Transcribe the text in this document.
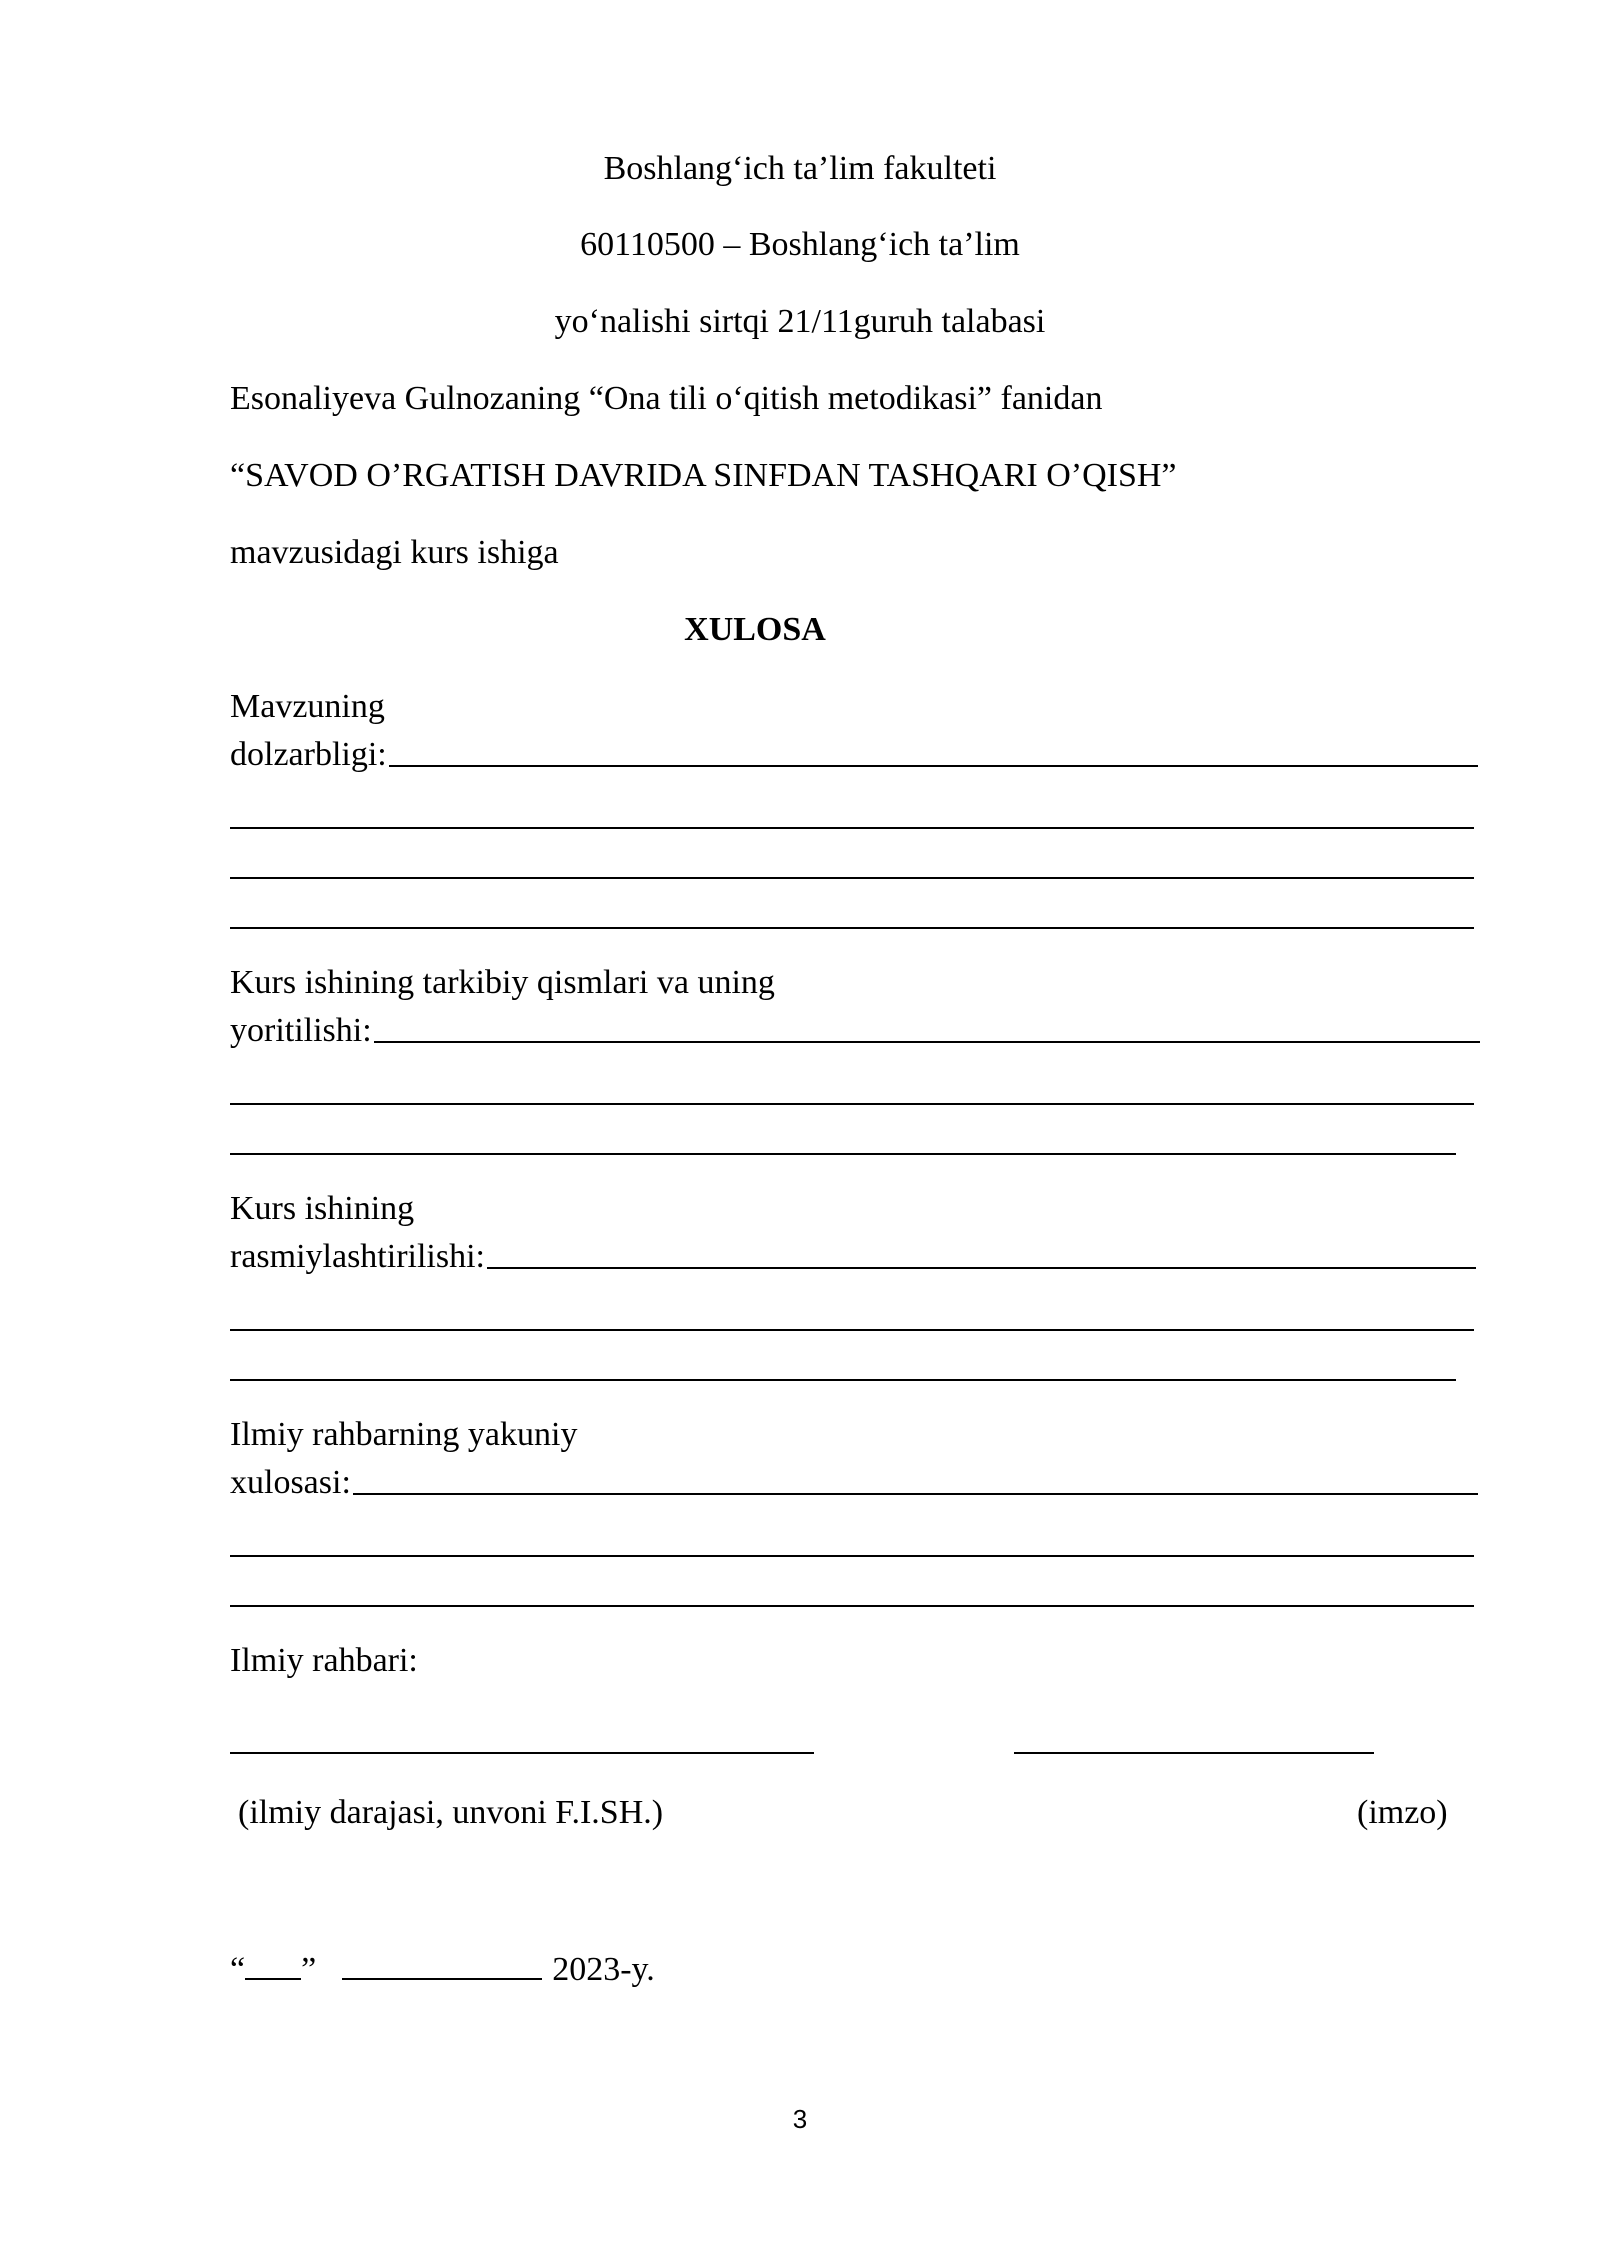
Boshlang‘ich ta’lim fakulteti
60110500 – Boshlang‘ich ta’lim
yo‘nalishi sirtqi 21/11guruh talabasi
Esonaliyeva Gulnozaning “Ona tili o‘qitish metodikasi” fanidan
“SAVOD O’RGATISH DAVRIDA SINFDAN TASHQARI O’QISH”
mavzusidagi kurs ishiga
XULOSA
Mavzuning
dolzarbligi:
Kurs ishining tarkibiy qismlari va uning
yoritilishi:
Kurs ishining
rasmiylashtirilishi:
Ilmiy rahbarning yakuniy
xulosasi:
Ilmiy rahbari:
(ilmiy darajasi, unvoni F.I.SH.)	(imzo)
“ ”	2023-y.
3
